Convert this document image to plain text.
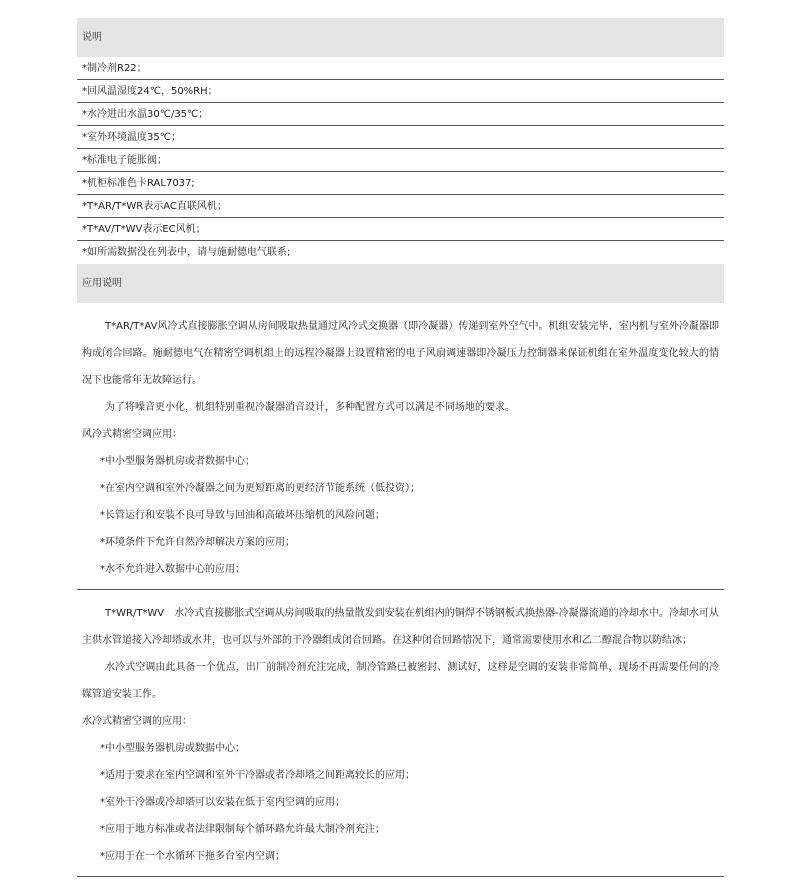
说明
*制冷剂R22；
*回风温湿度24℃，50%RH；
*水冷进出水温30℃/35℃；
*室外环境温度35℃；
*标准电子能胀阀；
*机柜标准色卡RAL7037;
*T*AR/T*WR表示AC直联风机；
*T*AV/T*WV表示EC风机；
*如所需数据没在列表中，请与施耐德电气联系;
应用说明

T*AR/T*AV风冷式直接膨胀空调从房间吸取热量通过风冷式交换器（即冷凝器）传递到室外空气中。机组安装完毕，室内机与室外冷凝器即构成闭合回路。施耐德电气在精密空调机组上的远程冷凝器上设置精密的电子风扇调速器即冷凝压力控制器来保证机组在室外温度变化较大的情况下也能常年无故障运行。

为了将噪音更小化，机组特别重视冷凝器消音设计，多种配置方式可以满足不同场地的要求。

风冷式精密空调应用：

*中小型服务器机房或者数据中心；
*在室内空调和室外冷凝器之间为更短距离的更经济节能系统（低投资）；
*长管运行和安装不良可导致与回油和高破坏压缩机的风险问题；
*环境条件下允许自然冷却解决方案的应用；
*水不允许进入数据中心的应用；

T*WR/T*WV　水冷式直接膨胀式空调从房间吸取的热量散发到安装在机组内的铜焊不锈钢板式换热器-冷凝器流通的冷却水中。冷却水可从主供水管道接入冷却塔或水井，也可以与外部的干冷器组成闭合回路。在这种闭合回路情况下，通常需要使用水和乙二醇混合物以防结冰；

水冷式空调由此具备一个优点，出厂前制冷剂充注完成，制冷管路已被密封、测试好，这样是空调的安装非常简单，现场不再需要任何的冷媒管道安装工作。

水冷式精密空调的应用：

*中小型服务器机房或数据中心；
*适用于要求在室内空调和室外干冷器或者冷却塔之间距离较长的应用；
*室外干冷器或冷却塔可以安装在低于室内空调的应用；
*应用于地方标准或者法律限制每个循环路允许最大制冷剂充注；
*应用于在一个水循环下拖多台室内空调；
